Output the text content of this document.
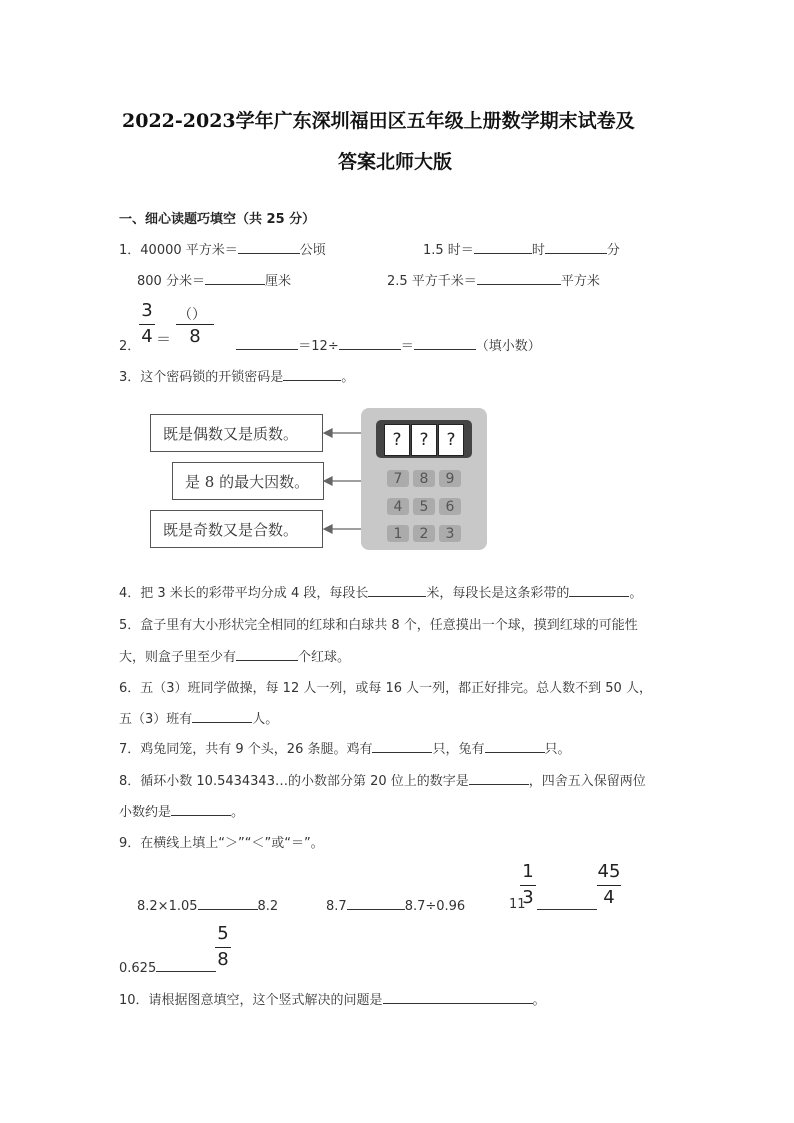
2022-2023学年广东深圳福田区五年级上册数学期末试卷及
答案北师大版
一、细心读题巧填空（共 25 分）
1．40000 平方米＝	公顷	1.5 时＝	时	分
800 分米＝	厘米	2.5 平方千米＝	平方米
3
4 ＝
（）
8
2．	＝12÷	＝	（填小数）
3．这个密码锁的开锁密码是	。
既是偶数又是质数。
是 8 的最大因数。
既是奇数又是合数。
?	?	?
7	8	9
4	5	6
1	2	3
4．把 3 米长的彩带平均分成 4 段，每段长	米，每段长是这条彩带的	。
5．盒子里有大小形状完全相同的红球和白球共 8 个，任意摸出一个球，摸到红球的可能性
大，则盒子里至少有	个红球。
6．五（3）班同学做操，每 12 人一列，或每 16 人一列，都正好排完。总人数不到 50 人，
五（3）班有	人。
7．鸡兔同笼，共有 9 个头，26 条腿。鸡有	只，兔有	只。
8．循环小数 10.5434343…的小数部分第 20 位上的数字是	，四舍五入保留两位
小数约是	。
9．在横线上填上“＞”“＜”或“＝”。
8.2×1.05	8.2	8.7	8.7÷0.96	11
1
3
45
4
5
8
0.625
10．请根据图意填空，这个竖式解决的问题是	。
